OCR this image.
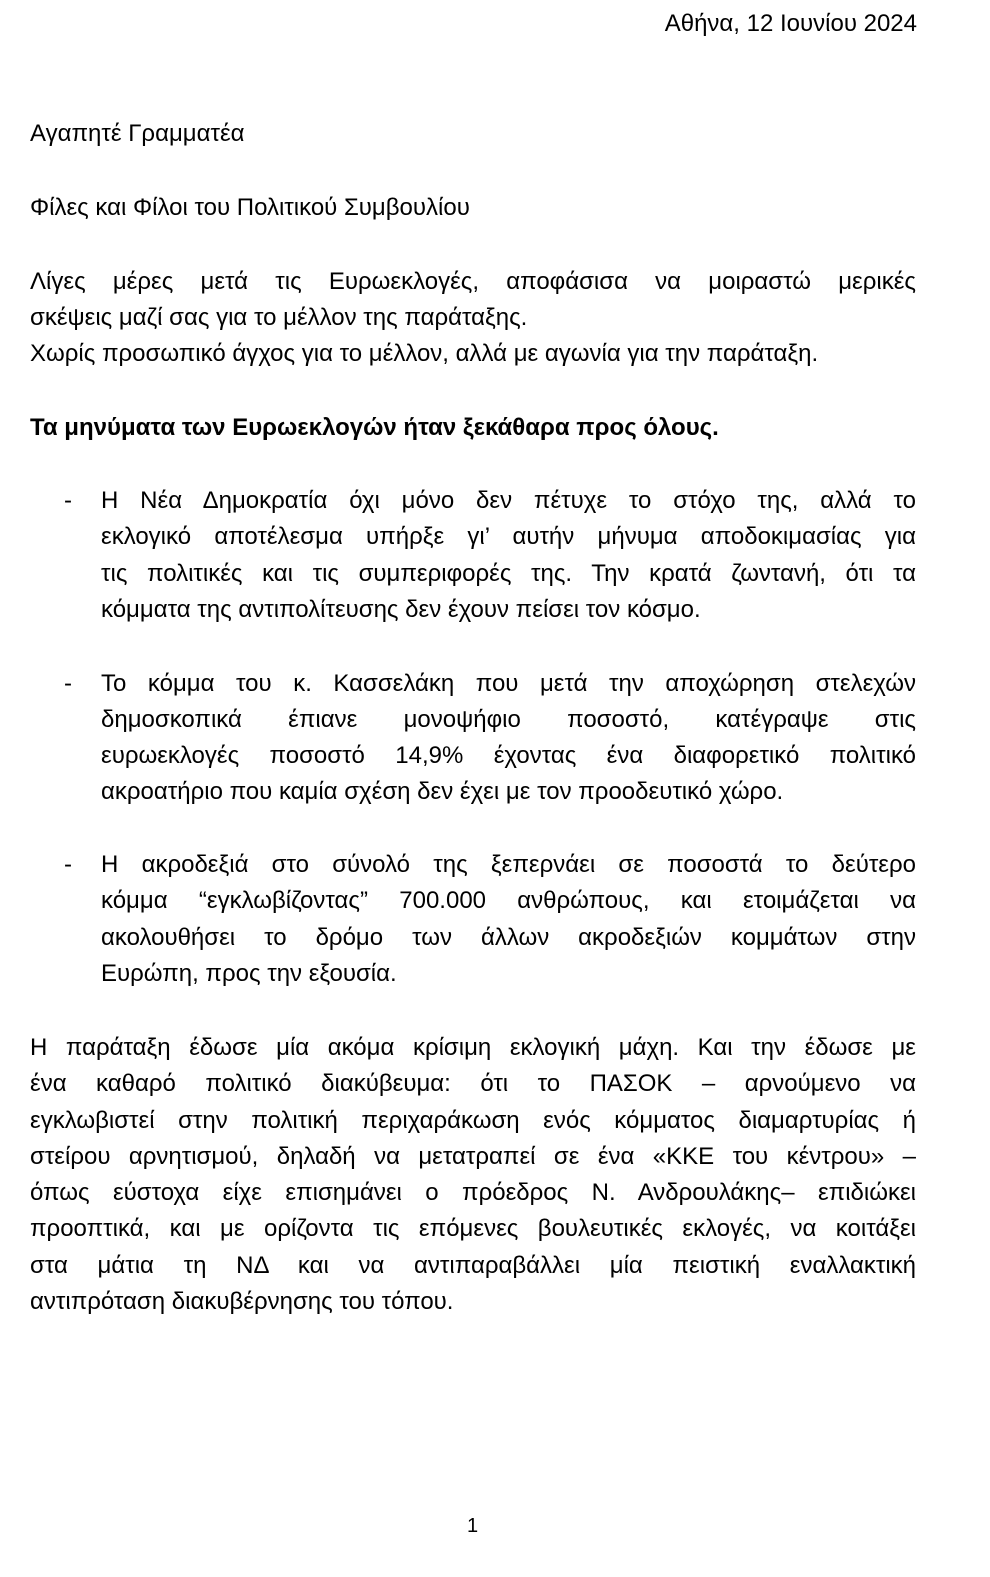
Αθήνα, 12 Ιουνίου 2024
Αγαπητέ Γραμματέα
Φίλες και Φίλοι του Πολιτικού Συμβουλίου
Λίγες μέρες μετά τις Ευρωεκλογές, αποφάσισα να μοιραστώ μερικές
σκέψεις μαζί σας για το μέλλον της παράταξης.
Χωρίς προσωπικό άγχος για το μέλλον, αλλά με αγωνία για την παράταξη.
Τα μηνύματα των Ευρωεκλογών ήταν ξεκάθαρα προς όλους.
- Η Νέα Δημοκρατία όχι μόνο δεν πέτυχε το στόχο της, αλλά το
εκλογικό αποτέλεσμα υπήρξε γι’ αυτήν μήνυμα αποδοκιμασίας για
τις πολιτικές και τις συμπεριφορές της. Την κρατά ζωντανή, ότι τα
κόμματα της αντιπολίτευσης δεν έχουν πείσει τον κόσμο.
- Το κόμμα του κ. Κασσελάκη που μετά την αποχώρηση στελεχών
δημοσκοπικά έπιανε μονοψήφιο ποσοστό, κατέγραψε στις
ευρωεκλογές ποσοστό 14,9% έχοντας ένα διαφορετικό πολιτικό
ακροατήριο που καμία σχέση δεν έχει με τον προοδευτικό χώρο.
- Η ακροδεξιά στο σύνολό της ξεπερνάει σε ποσοστά το δεύτερο
κόμμα “εγκλωβίζοντας” 700.000 ανθρώπους, και ετοιμάζεται να
ακολουθήσει το δρόμο των άλλων ακροδεξιών κομμάτων στην
Ευρώπη, προς την εξουσία.
Η παράταξη έδωσε μία ακόμα κρίσιμη εκλογική μάχη. Και την έδωσε με
ένα καθαρό πολιτικό διακύβευμα: ότι το ΠΑΣΟΚ – αρνούμενο να
εγκλωβιστεί στην πολιτική περιχαράκωση ενός κόμματος διαμαρτυρίας ή
στείρου αρνητισμού, δηλαδή να μετατραπεί σε ένα «ΚΚΕ του κέντρου» –
όπως εύστοχα είχε επισημάνει ο πρόεδρος Ν. Ανδρουλάκης– επιδιώκει
προοπτικά, και με ορίζοντα τις επόμενες βουλευτικές εκλογές, να κοιτάξει
στα μάτια τη ΝΔ και να αντιπαραβάλλει μία πειστική εναλλακτική
αντιπρόταση διακυβέρνησης του τόπου.
1
